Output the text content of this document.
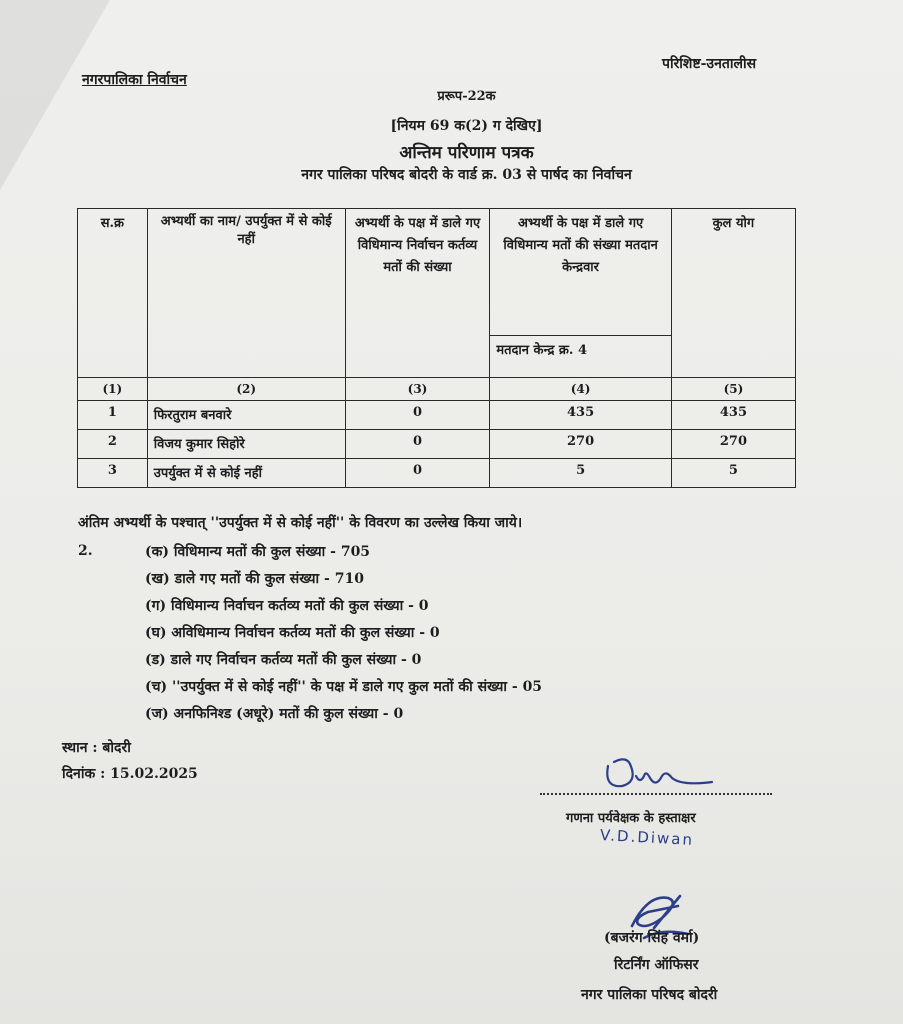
नगरपालिका निर्वाचन
परिशिष्ट-उनतालीस
प्ररूप-22क
[नियम 69 क(2) ग देखिए]
अन्तिम परिणाम पत्रक
नगर पालिका परिषद बोदरी के वार्ड क्र. 03 से पार्षद का निर्वाचन
स.क्र	अभ्यर्थी का नाम/ उपर्युक्त में से कोई नहीं	अभ्यर्थी के पक्ष में डाले गए विधिमान्य निर्वाचन कर्तव्य मतों की संख्या	अभ्यर्थी के पक्ष में डाले गए विधिमान्य मतों की संख्या मतदान केन्द्रवार	कुल योग

			मतदान केन्द्र क्र. 4	
(1)	(2)	(3)	(4)	(5)
1	फिरतुराम बनवारे	0	435	435
2	विजय कुमार सिहोरे	0	270	270
3	उपर्युक्त में से कोई नहीं	0	5	5
अंतिम अभ्यर्थी के पश्चात् ''उपर्युक्त में से कोई नहीं'' के विवरण का उल्लेख किया जाये।
2.	(क) विधिमान्य मतों की कुल संख्या - 705
(ख) डाले गए मतों की कुल संख्या - 710
(ग) विधिमान्य निर्वाचन कर्तव्य मतों की कुल संख्या - 0
(घ) अविधिमान्य निर्वाचन कर्तव्य मतों की कुल संख्या - 0
(ड) डाले गए निर्वाचन कर्तव्य मतों की कुल संख्या - 0
(च) ''उपर्युक्त में से कोई नहीं'' के पक्ष में डाले गए कुल मतों की संख्या - 05
(ज) अनफिनिश्ड (अधूरे) मतों की कुल संख्या - 0
स्थान : बोदरी
दिनांक : 15.02.2025
गणना पर्यवेक्षक के हस्ताक्षर
V.D.Diwan
(बजरंग सिंह वर्मा)
रिटर्निंग ऑफिसर
नगर पालिका परिषद बोदरी
